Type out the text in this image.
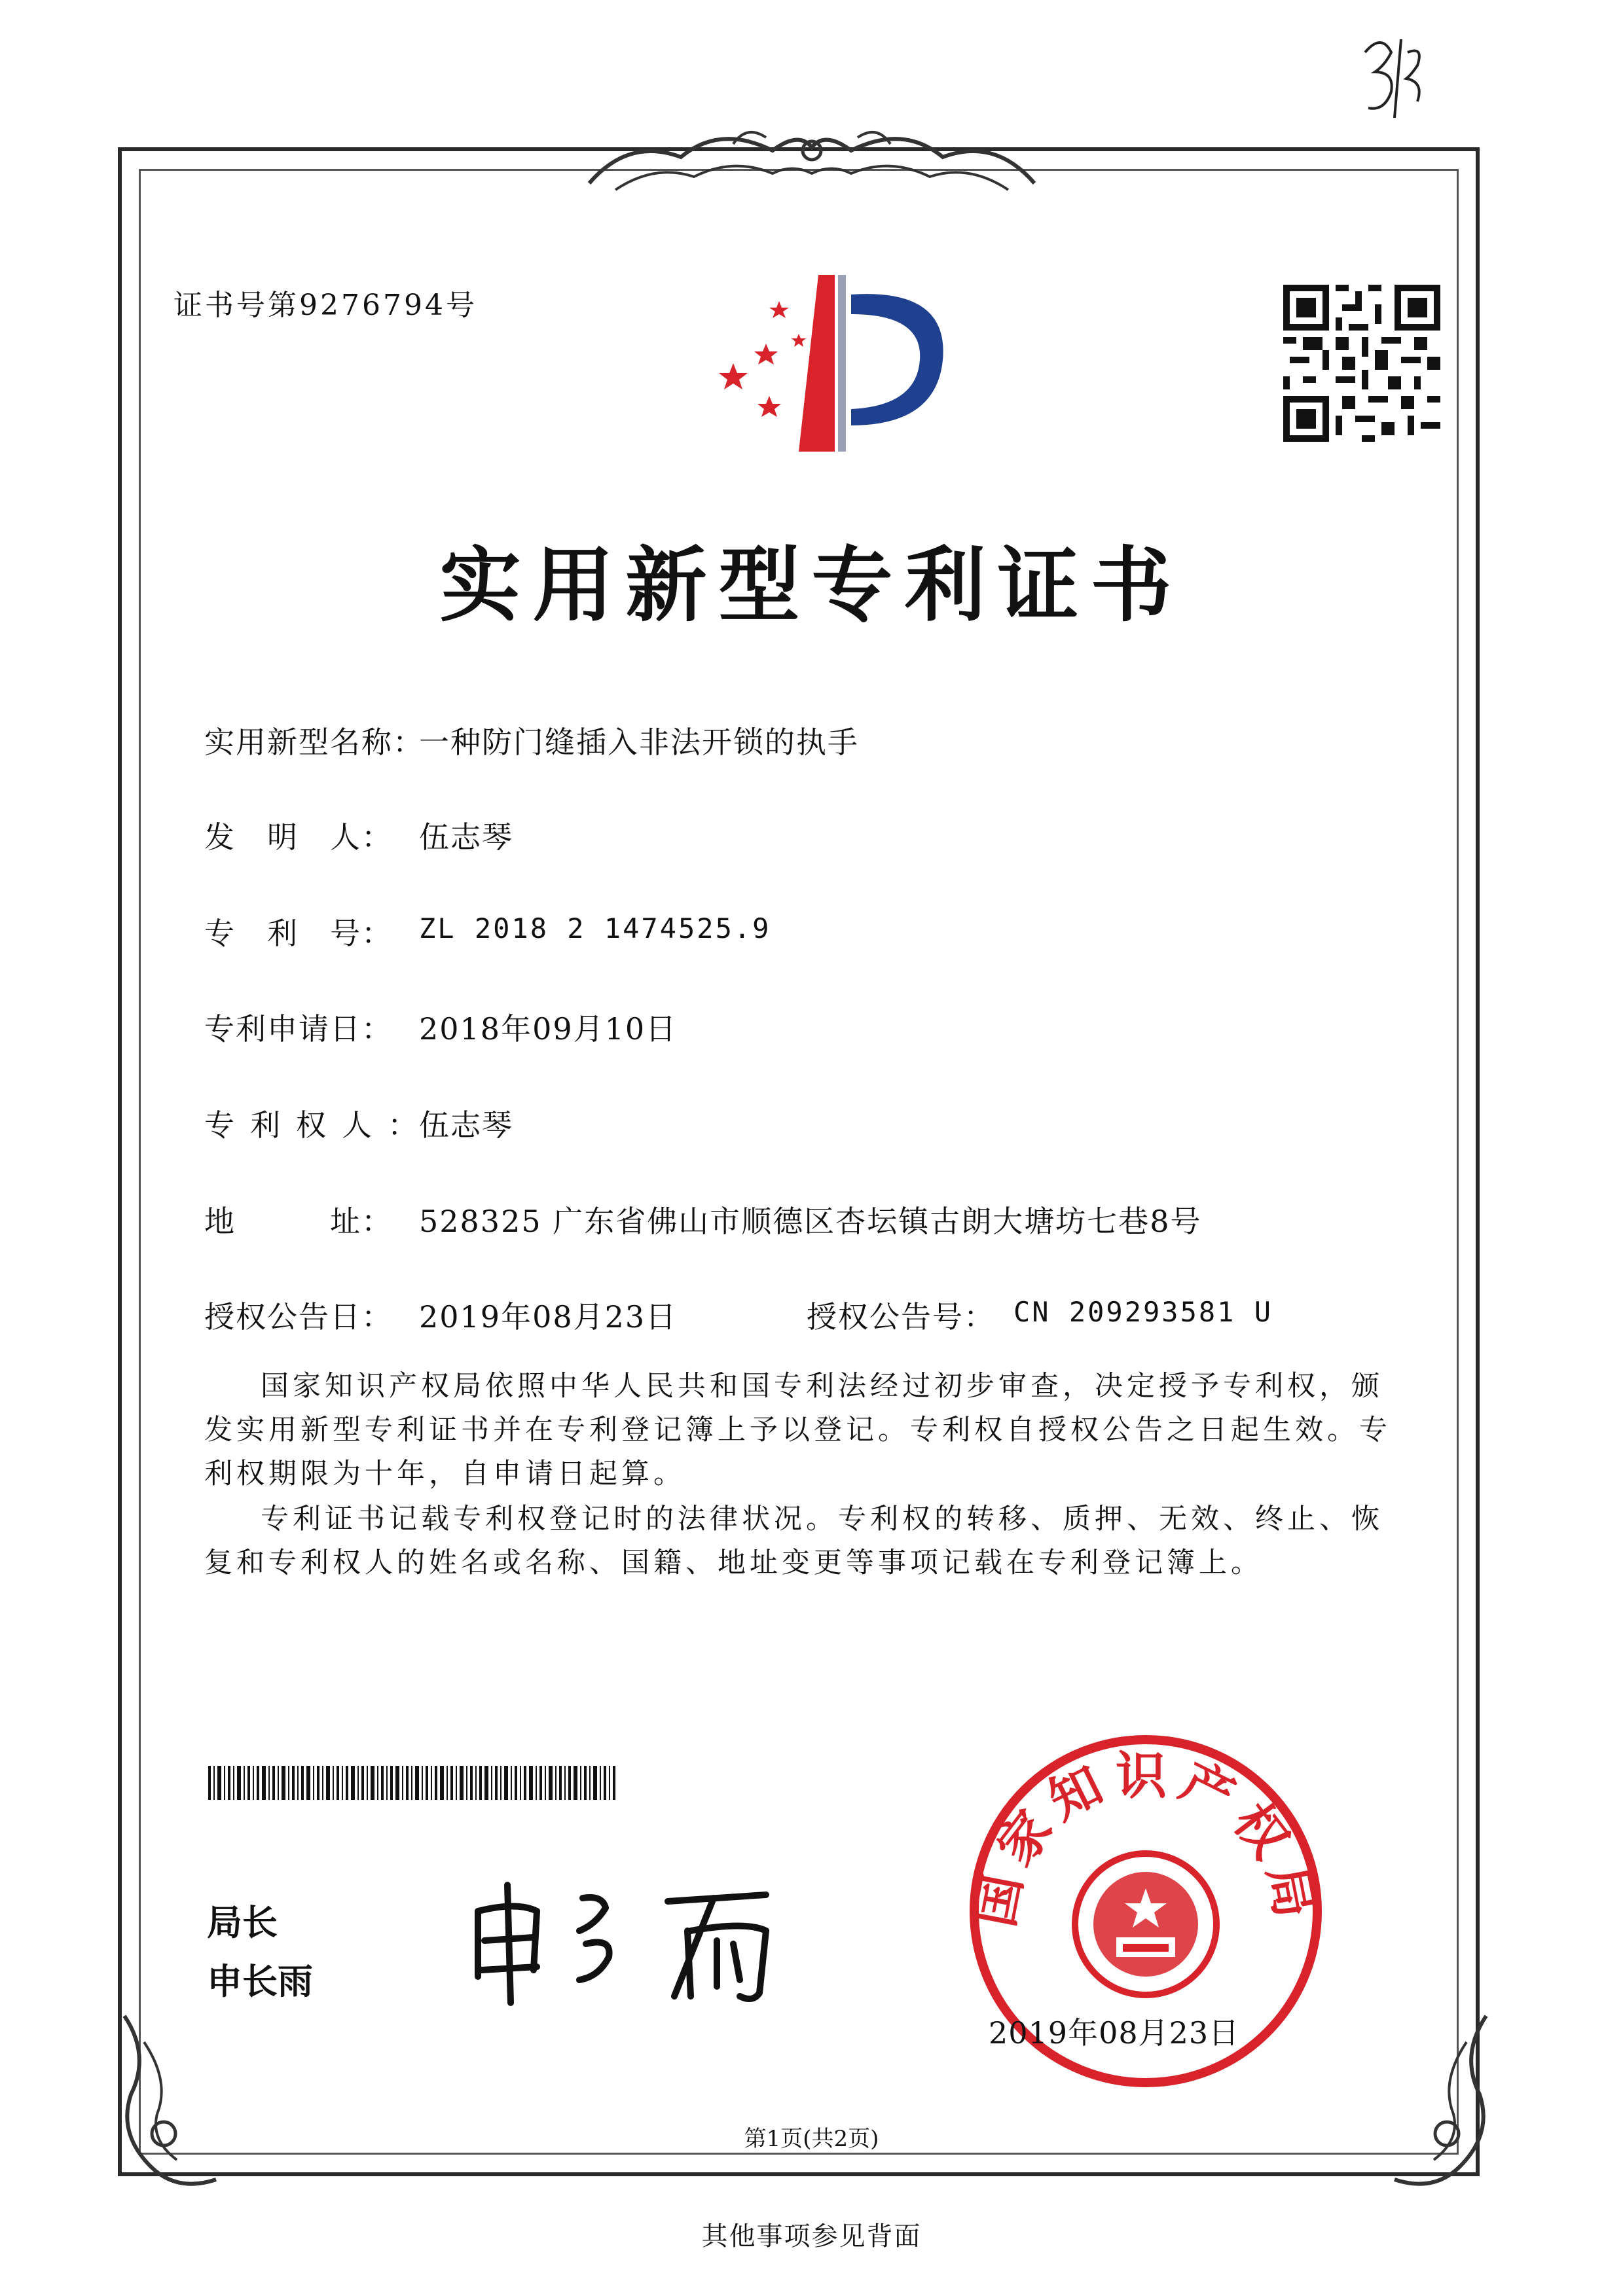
证书号第9276794号
实用新型专利证书
实用新型名称：
一种防门缝插入非法开锁的执手
发　明　人： 伍志琴
专　利　号： ZL 2018 2 1474525.9
专利申请日： 2018年09月10日
专利权人：
伍志琴
地　　　址： 528325 广东省佛山市顺德区杏坛镇古朗大塘坊七巷8号
授权公告日： 2019年08月23日	授权公告号： CN 209293581 U
国家知识产权局依照中华人民共和国专利法经过初步审查，决定授予专利权，颁发实用新型专利证书并在专利登记簿上予以登记。专利权自授权公告之日起生效。专利权期限为十年，自申请日起算。
专利证书记载专利权登记时的法律状况。专利权的转移、质押、无效、终止、恢复和专利权人的姓名或名称、国籍、地址变更等事项记载在专利登记簿上。
局长
申长雨
国家知识产权局
2019年08月23日
第1页(共2页)
其他事项参见背面
